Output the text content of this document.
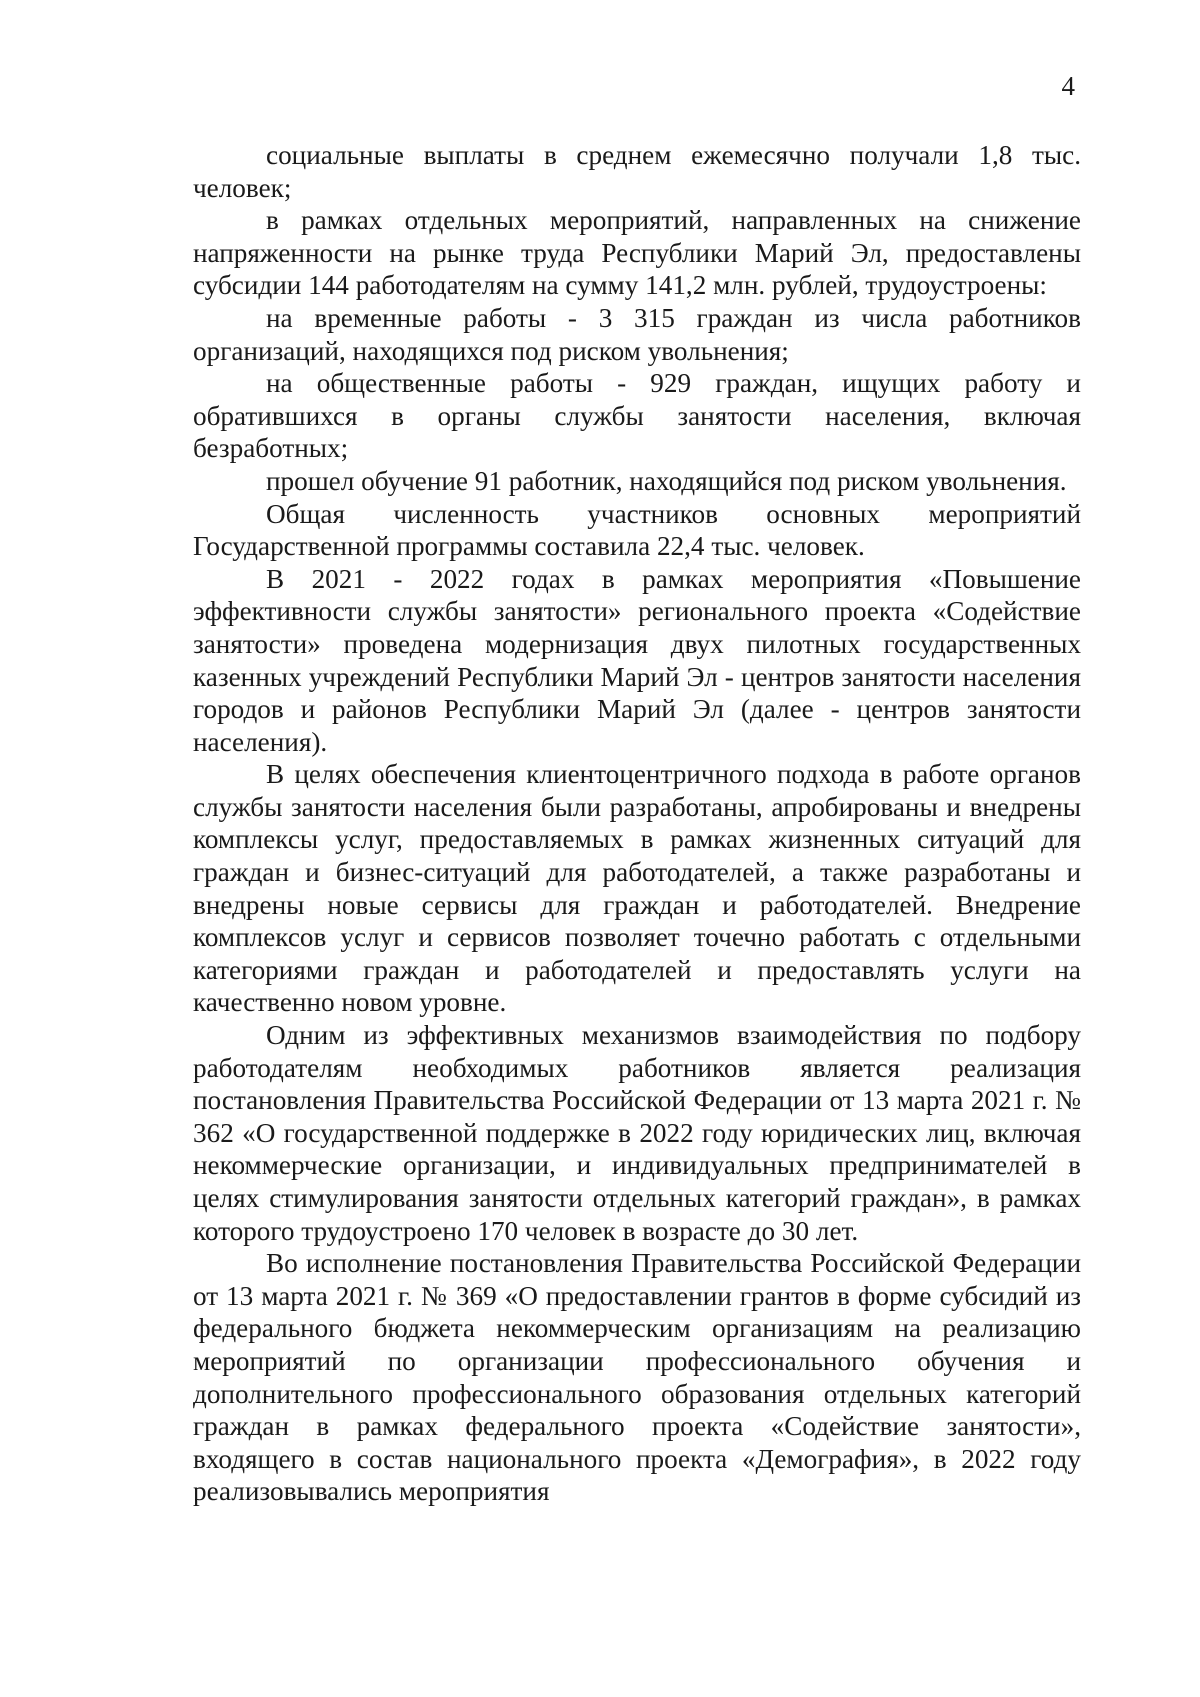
4

социальные выплаты в среднем ежемесячно получали 1,8 тыс. человек;

в рамках отдельных мероприятий, направленных на снижение напряженности на рынке труда Республики Марий Эл, предоставлены субсидии 144 работодателям на сумму 141,2 млн. рублей, трудоустроены:

на временные работы - 3 315 граждан из числа работников организаций, находящихся под риском увольнения;

на общественные работы - 929 граждан, ищущих работу и обратившихся в органы службы занятости населения, включая безработных;

прошел обучение 91 работник, находящийся под риском увольнения.

Общая численность участников основных мероприятий Государственной программы составила 22,4 тыс. человек.

В 2021 - 2022 годах в рамках мероприятия «Повышение эффективности службы занятости» регионального проекта «Содействие занятости» проведена модернизация двух пилотных государственных казенных учреждений Республики Марий Эл - центров занятости населения городов и районов Республики Марий Эл (далее - центров занятости населения).

В целях обеспечения клиентоцентричного подхода в работе органов службы занятости населения были разработаны, апробированы и внедрены комплексы услуг, предоставляемых в рамках жизненных ситуаций для граждан и бизнес-ситуаций для работодателей, а также разработаны и внедрены новые сервисы для граждан и работодателей. Внедрение комплексов услуг и сервисов позволяет точечно работать с отдельными категориями граждан и работодателей и предоставлять услуги на качественно новом уровне.

Одним из эффективных механизмов взаимодействия по подбору работодателям необходимых работников является реализация постановления Правительства Российской Федерации от 13 марта 2021 г. № 362 «О государственной поддержке в 2022 году юридических лиц, включая некоммерческие организации, и индивидуальных предпринимателей в целях стимулирования занятости отдельных категорий граждан», в рамках которого трудоустроено 170 человек в возрасте до 30 лет.

Во исполнение постановления Правительства Российской Федерации от 13 марта 2021 г. № 369 «О предоставлении грантов в форме субсидий из федерального бюджета некоммерческим организациям на реализацию мероприятий по организации профессионального обучения и дополнительного профессионального образования отдельных категорий граждан в рамках федерального проекта «Содействие занятости», входящего в состав национального проекта «Демография», в 2022 году реализовывались мероприятия
